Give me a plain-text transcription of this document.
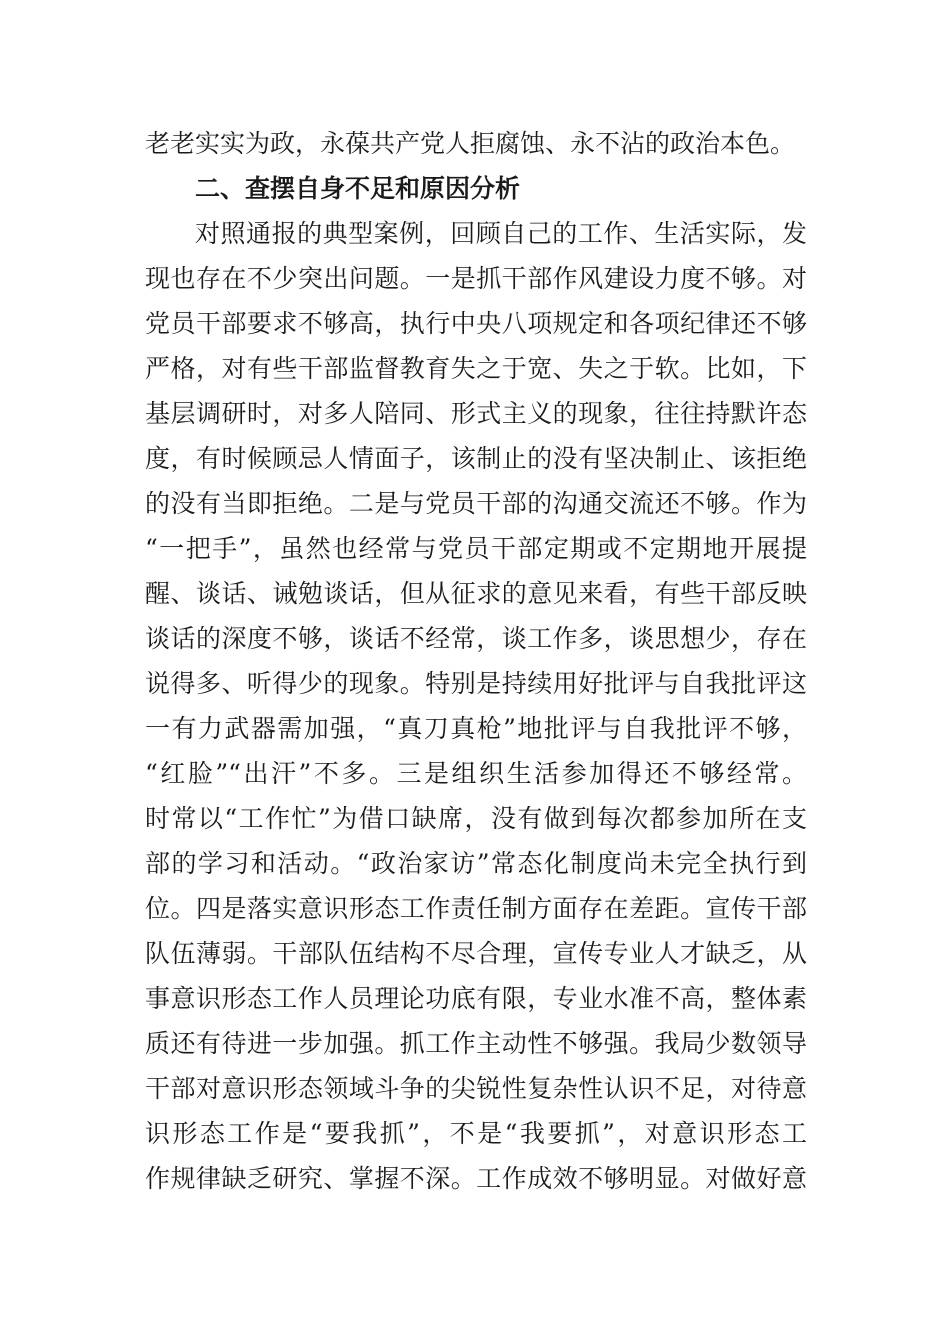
老老实实为政，永葆共产党人拒腐蚀、永不沾的政治本色。
二、查摆自身不足和原因分析
对照通报的典型案例，回顾自己的工作、生活实际，发
现也存在不少突出问题。一是抓干部作风建设力度不够。对
党员干部要求不够高，执行中央八项规定和各项纪律还不够
严格，对有些干部监督教育失之于宽、失之于软。比如，下
基层调研时，对多人陪同、形式主义的现象，往往持默许态
度，有时候顾忌人情面子，该制止的没有坚决制止、该拒绝
的没有当即拒绝。二是与党员干部的沟通交流还不够。作为
“一把手”，虽然也经常与党员干部定期或不定期地开展提
醒、谈话、诫勉谈话，但从征求的意见来看，有些干部反映
谈话的深度不够，谈话不经常，谈工作多，谈思想少，存在
说得多、听得少的现象。特别是持续用好批评与自我批评这
一有力武器需加强，“真刀真枪”地批评与自我批评不够，
“红脸”“出汗”不多。三是组织生活参加得还不够经常。
时常以“工作忙”为借口缺席，没有做到每次都参加所在支
部的学习和活动。“政治家访”常态化制度尚未完全执行到
位。四是落实意识形态工作责任制方面存在差距。宣传干部
队伍薄弱。干部队伍结构不尽合理，宣传专业人才缺乏，从
事意识形态工作人员理论功底有限，专业水准不高，整体素
质还有待进一步加强。抓工作主动性不够强。我局少数领导
干部对意识形态领域斗争的尖锐性复杂性认识不足，对待意
识形态工作是“要我抓”，不是“我要抓”，对意识形态工
作规律缺乏研究、掌握不深。工作成效不够明显。对做好意
